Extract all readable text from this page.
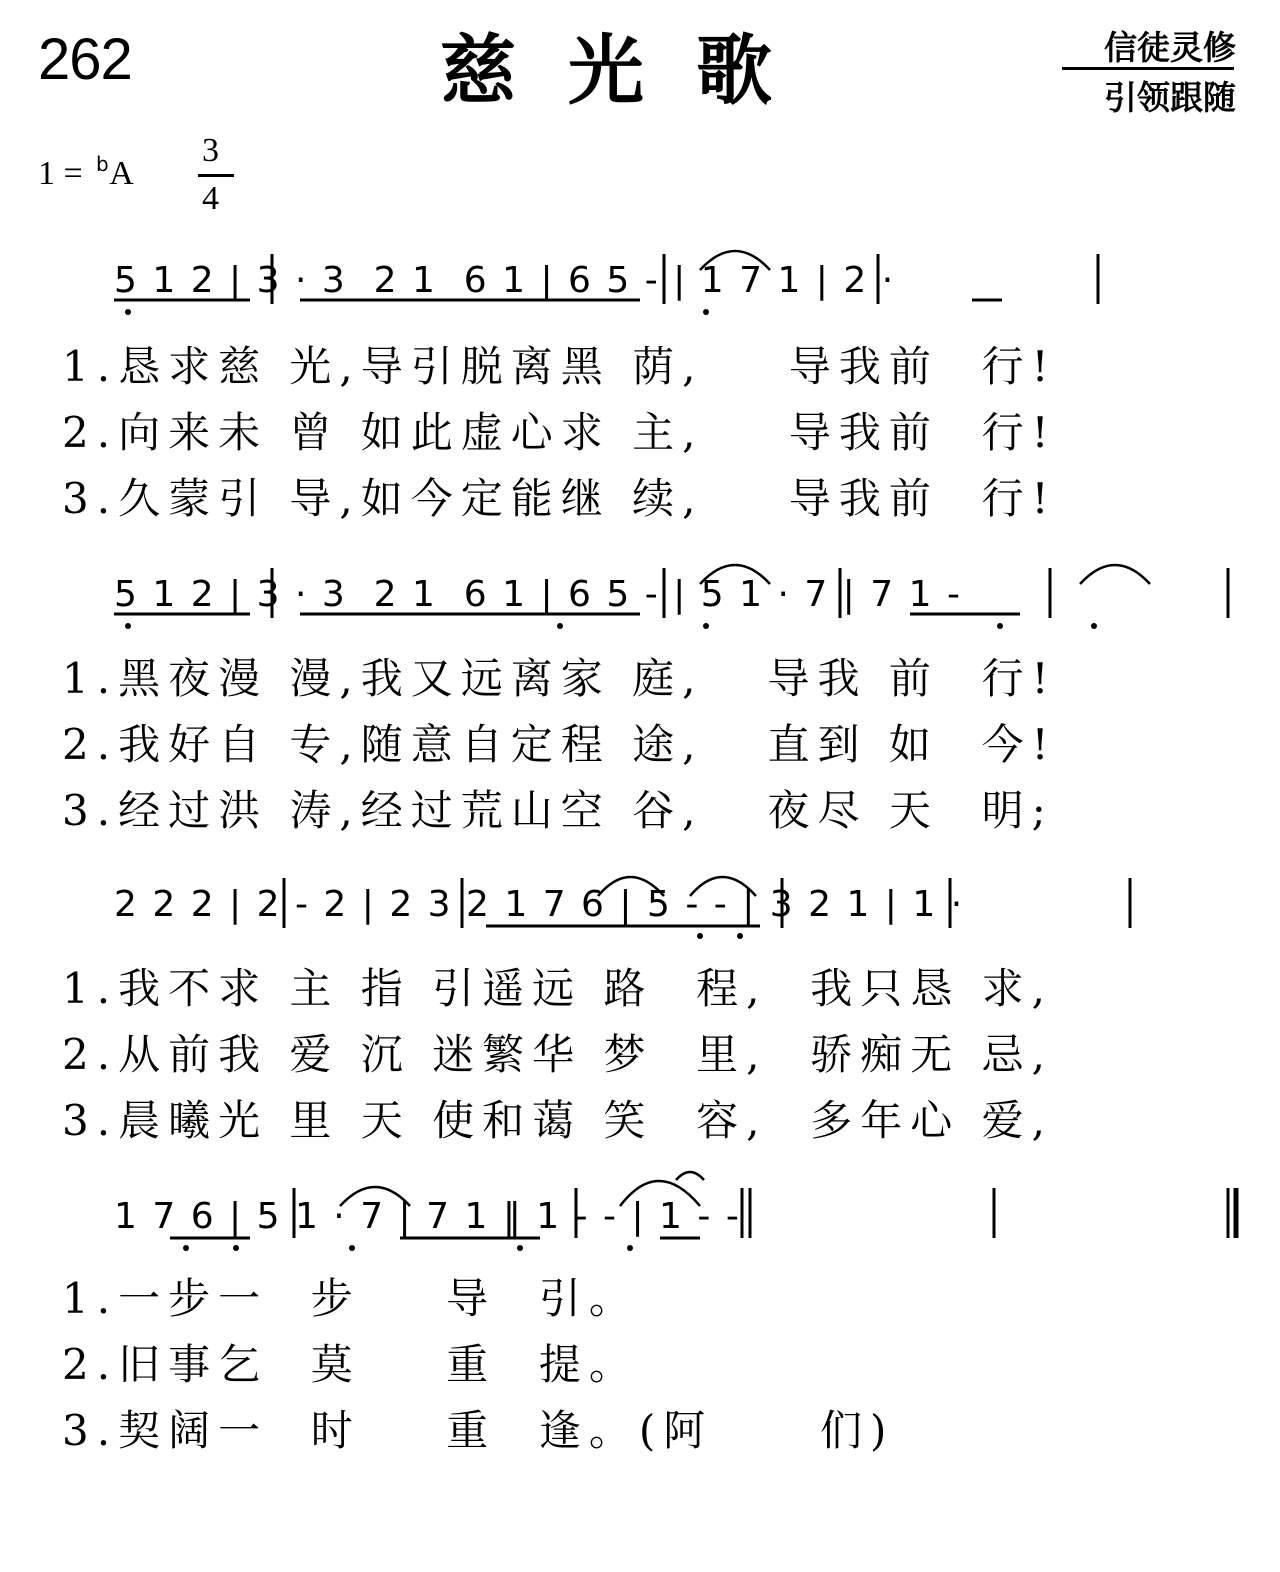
262	慈光歌	信徒灵修
引领跟随
1 = A
b	3
4
5 1 2 | 3 · 3  2 1  6 1 | 6 5 - | 1 7 1 | 2 ·
1.恳求慈 光,导引脱离黑 荫,    导我前  行!
2.向来未 曾 如此虚心求 主,    导我前  行!
3.久蒙引 导,如今定能继 续,    导我前  行!
5 1 2 | 3 · 3  2 1  6 1 | 6 5 - | 5 1 · 7 | 7 1 -
1.黑夜漫 漫,我又远离家 庭,   导我 前  行!
2.我好自 专,随意自定程 途,   直到 如  今!
3.经过洪 涛,经过荒山空 谷,   夜尽 天  明;
2 2 2 | 2 - 2 | 2 3 2 1 7 6 | 5 - - | 3 2 1 | 1 ·
1.我不求 主 指 引遥远 路  程,  我只恳 求,
2.从前我 爱 沉 迷繁华 梦  里,  骄痴无 忌,
3.晨曦光 里 天 使和蔼 笑  容,  多年心 爱,
1 7 6 | 5 1 · 7 | 7 1 ‖ 1 - - | 1 - -
1.一步一  步    导  引。
2.旧事乞  莫    重  提。
3.契阔一  时    重  逢。(阿     们)
